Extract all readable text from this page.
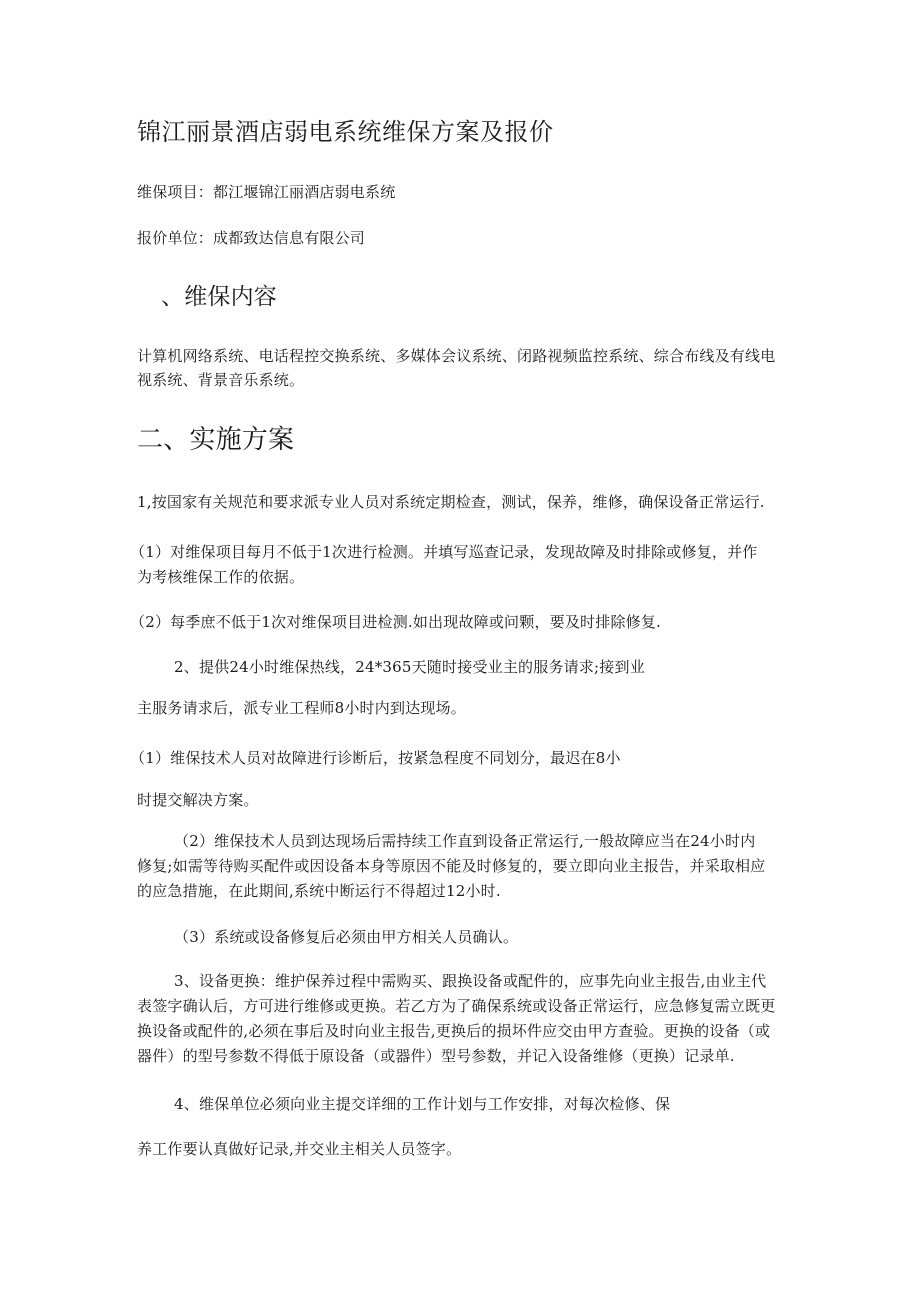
锦江丽景酒店弱电系统维保方案及报价
维保项目：都江堰锦江丽酒店弱电系统
报价单位：成都致达信息有限公司
、维保内容
计算机网络系统、电话程控交换系统、多媒体会议系统、闭路视频监控系统、综合布线及有线电
视系统、背景音乐系统。
二、实施方案
1,按国家有关规范和要求派专业人员对系统定期检查，测试，保养，维修，确保设备正常运行.
（1）对维保项目每月不低于1次进行检测。并填写巡查记录，发现故障及时排除或修复，并作
为考核维保工作的依据。
（2）每季庶不低于1次对维保项目进检测.如出现故障或问颗，要及时排除修复.
2、提供24小时维保热线，24*365天随时接受业主的服务请求;接到业
主服务请求后，派专业工程师8小时内到达现场。
（1）维保技术人员对故障进行诊断后，按紧急程度不同划分，最迟在8小
时提交解决方案。
（2）维保技术人员到达现场后需持续工作直到设备正常运行,一般故障应当在24小时内
修复;如需等待购买配件或因设备本身等原因不能及时修复的，要立即向业主报告，并采取相应
的应急措施，在此期间,系统中断运行不得超过12小时.
（3）系统或设备修复后必须由甲方相关人员确认。
3、设备更换：维护保养过程中需购买、跟换设备或配件的，应事先向业主报告,由业主代
表签字确认后，方可进行维修或更换。若乙方为了确保系统或设备正常运行，应急修复需立既更
换设备或配件的,必须在事后及时向业主报告,更换后的损坏件应交由甲方查验。更换的设备（或
器件）的型号参数不得低于原设备（或器件）型号参数，并记入设备维修（更换）记录单.
4、维保单位必须向业主提交详细的工作计划与工作安排，对每次检修、保
养工作要认真做好记录,并交业主相关人员签字。
